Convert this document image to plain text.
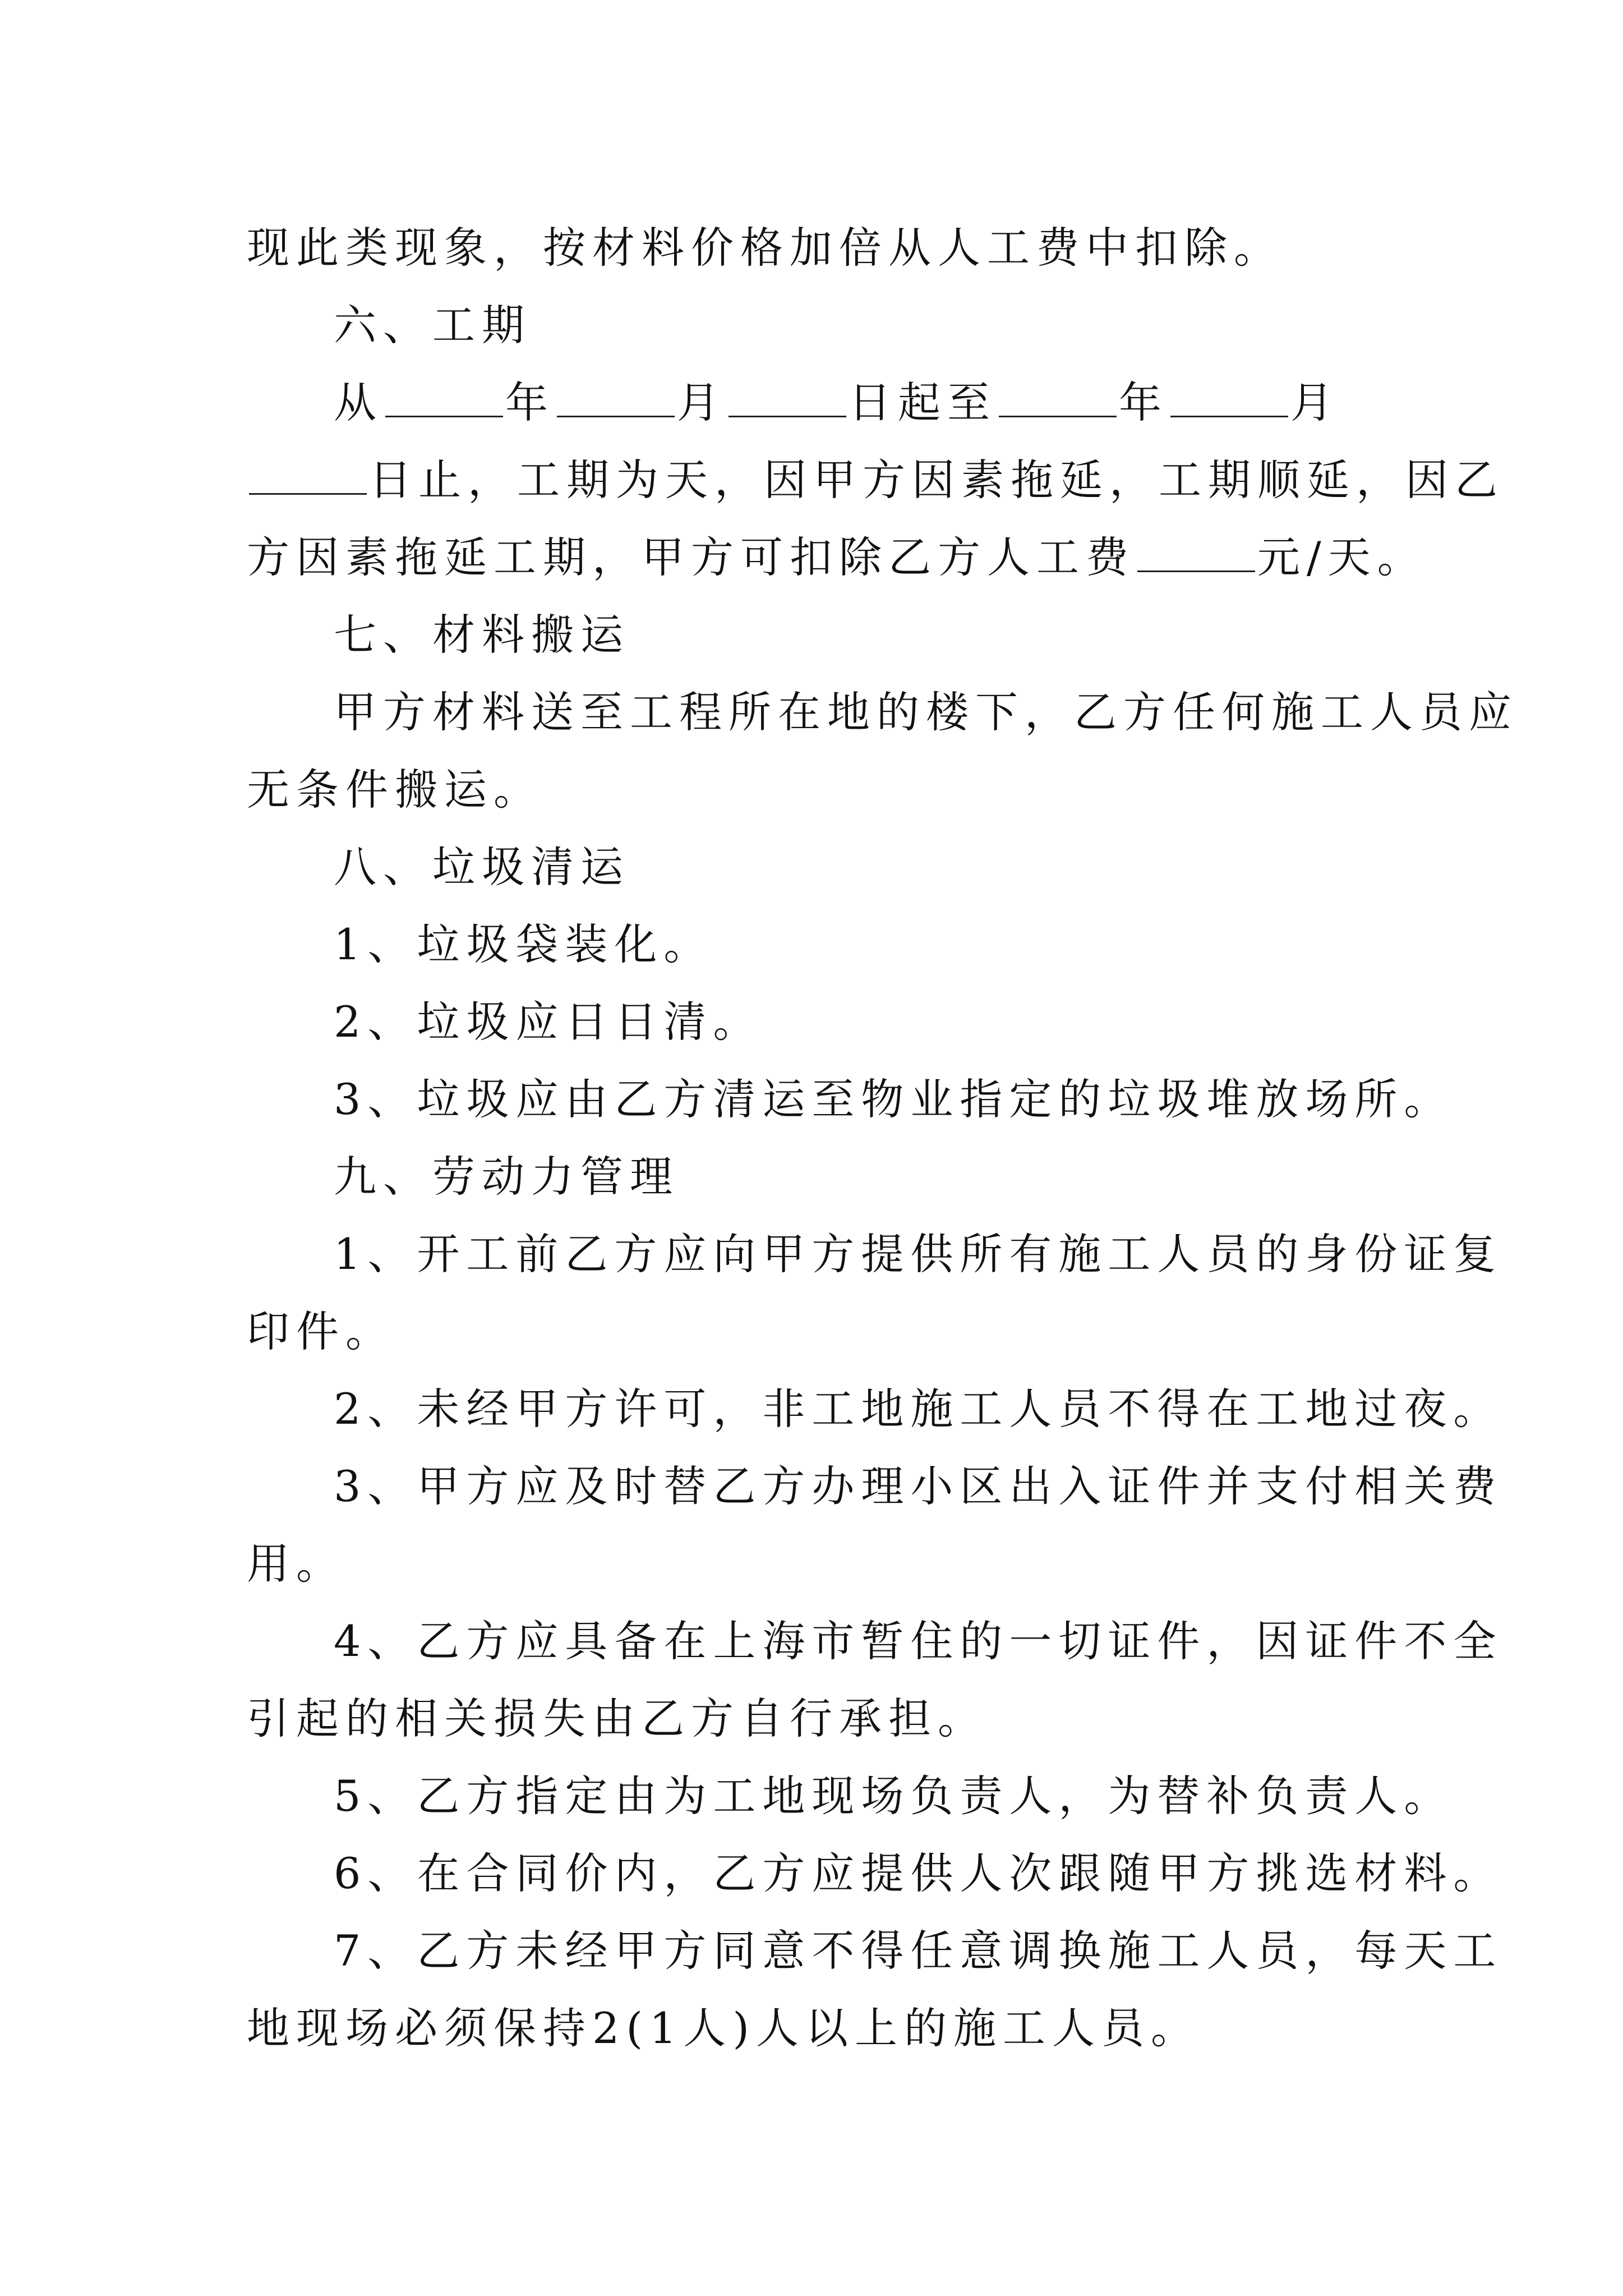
现此类现象，按材料价格加倍从人工费中扣除。
六、工期
从	年	月	日起至	年	月
日止，工期为天，因甲方因素拖延，工期顺延，因乙
方因素拖延工期，甲方可扣除乙方人工费	元/天。
七、材料搬运
甲方材料送至工程所在地的楼下，乙方任何施工人员应
无条件搬运。
八、垃圾清运
1、垃圾袋装化。
2、垃圾应日日清。
3、垃圾应由乙方清运至物业指定的垃圾堆放场所。
九、劳动力管理
1、开工前乙方应向甲方提供所有施工人员的身份证复
印件。
2、未经甲方许可，非工地施工人员不得在工地过夜。
3、甲方应及时替乙方办理小区出入证件并支付相关费
用。
4、乙方应具备在上海市暂住的一切证件，因证件不全
引起的相关损失由乙方自行承担。
5、乙方指定由为工地现场负责人，为替补负责人。
6、在合同价内，乙方应提供人次跟随甲方挑选材料。
7、乙方未经甲方同意不得任意调换施工人员，每天工
地现场必须保持2(1人)人以上的施工人员。
